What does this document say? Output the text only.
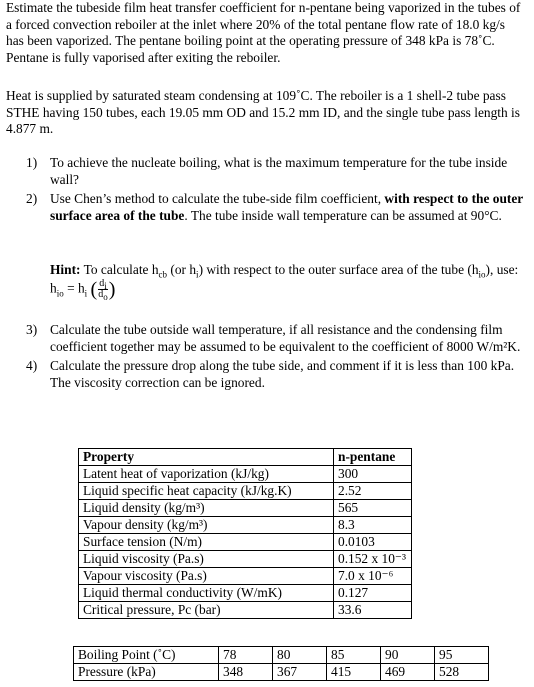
Estimate the tubeside film heat transfer coefficient for n-pentane being vaporized in the tubes of a forced convection reboiler at the inlet where 20% of the total pentane flow rate of 18.0 kg/s has been vaporized. The pentane boiling point at the operating pressure of 348 kPa is 78˚C. Pentane is fully vaporised after exiting the reboiler.
Heat is supplied by saturated steam condensing at 109˚C. The reboiler is a 1 shell-2 tube pass STHE having 150 tubes, each 19.05 mm OD and 15.2 mm ID, and the single tube pass length is 4.877 m.
1) To achieve the nucleate boiling, what is the maximum temperature for the tube inside wall?
2) Use Chen’s method to calculate the tube-side film coefficient, with respect to the outer surface area of the tube. The tube inside wall temperature can be assumed at 90°C.
Hint: To calculate $h_{cb}$ (or $h_i$) with respect to the outer surface area of the tube $(h_{io})$, use: $h_{io} = h_i$ ( $\frac{d_i}{d_o}$ )
3) Calculate the tube outside wall temperature, if all resistance and the condensing film coefficient together may be assumed to be equivalent to the coefficient of 8000 W/m²K.
4) Calculate the pressure drop along the tube side, and comment if it is less than 100 kPa. The viscosity correction can be ignored.
Property	n-pentane
Latent heat of vaporization (kJ/kg)	300
Liquid specific heat capacity (kJ/kg.K)	2.52
Liquid density (kg/m³)	565
Vapour density (kg/m³)	8.3
Surface tension (N/m)	0.0103
Liquid viscosity (Pa.s)	0.152 x 10⁻³
Vapour viscosity (Pa.s)	7.0 x 10⁻⁶
Liquid thermal conductivity (W/mK)	0.127
Critical pressure, Pc (bar)	33.6
Boiling Point (˚C)	78	80	85	90	95
Pressure (kPa)	348	367	415	469	528
